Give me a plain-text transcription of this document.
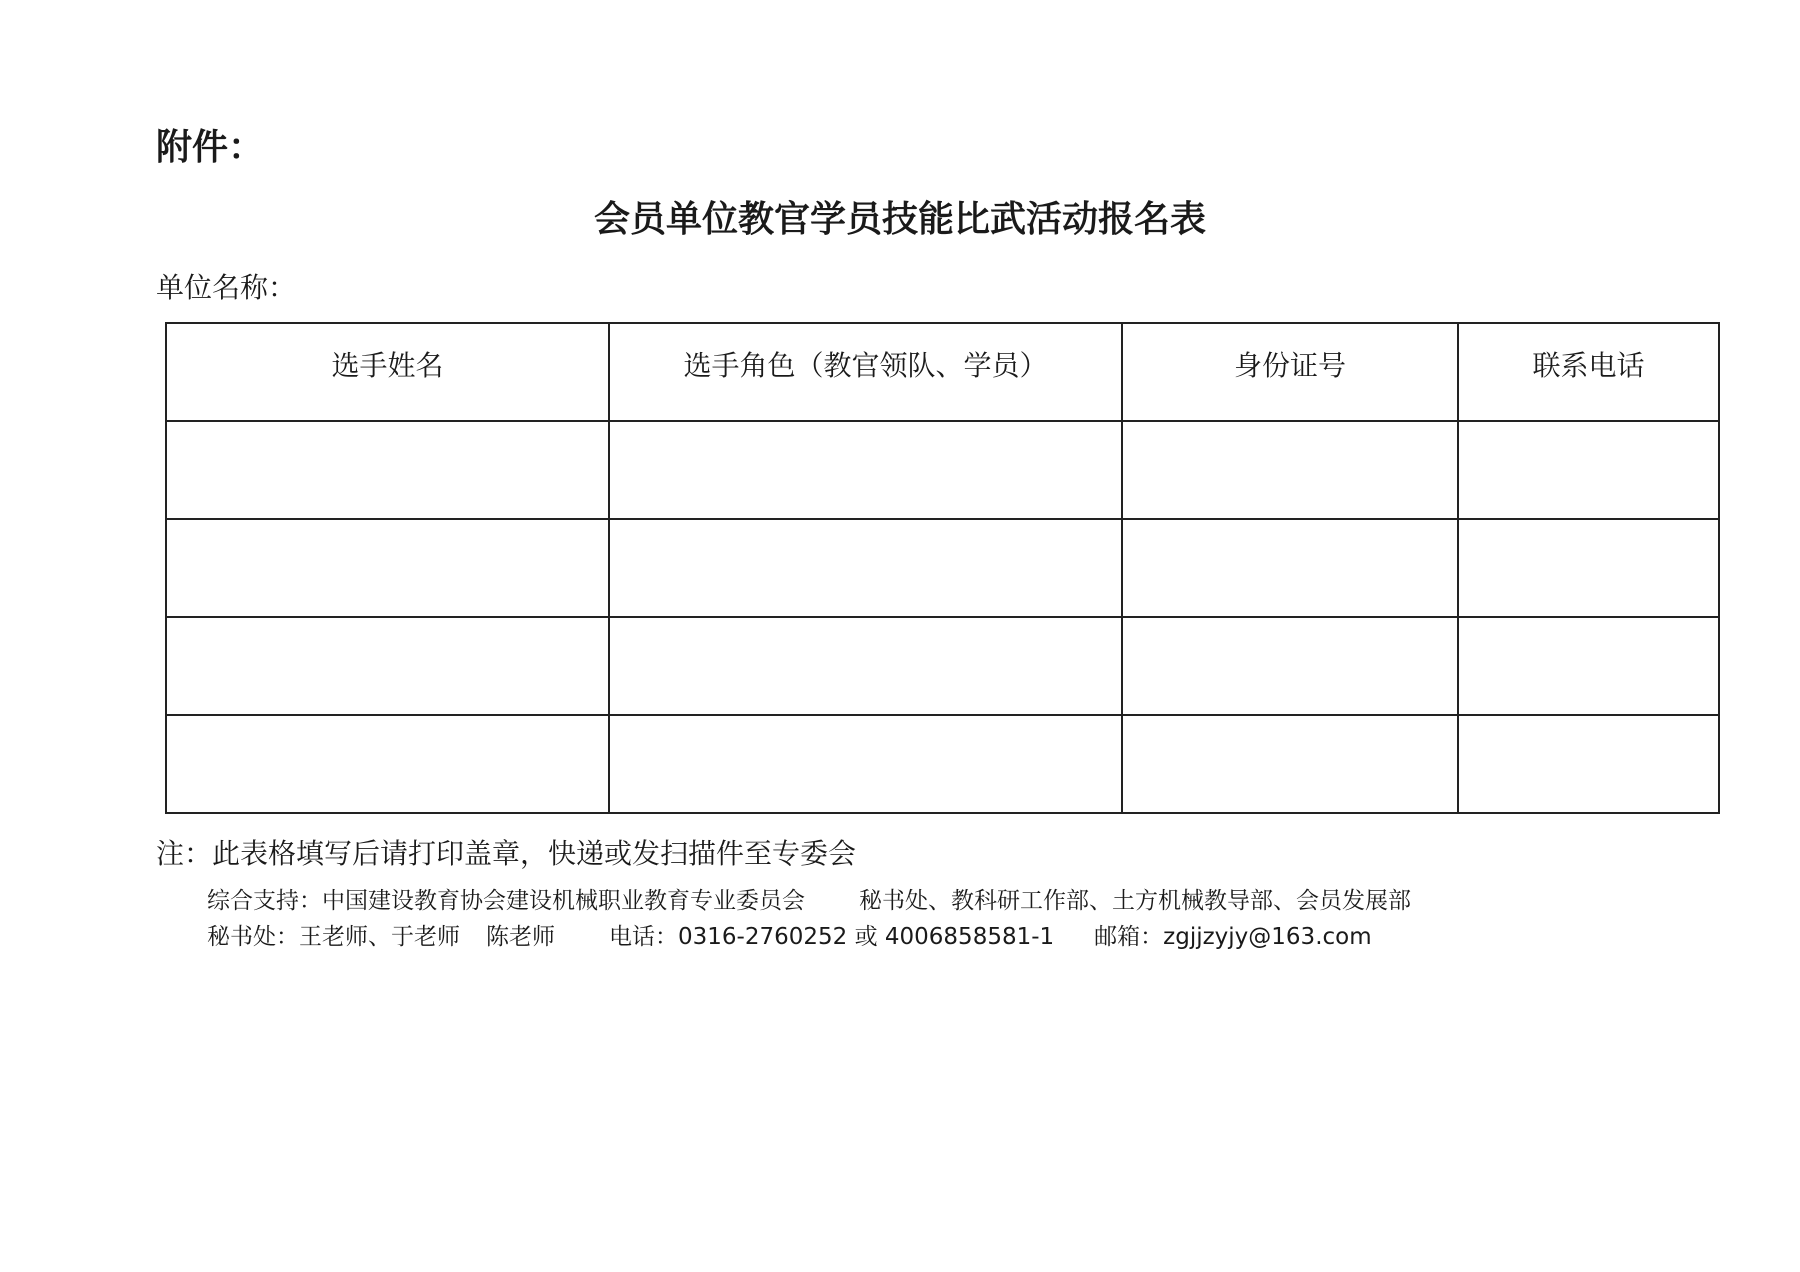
附件：
会员单位教官学员技能比武活动报名表
单位名称：
选手姓名	选手角色（教官领队、学员）	身份证号	联系电话

注：此表格填写后请打印盖章，快递或发扫描件至专委会
综合支持：中国建设教育协会建设机械职业教育专业委员会 秘书处、教科研工作部、土方机械教导部、会员发展部
秘书处：王老师、于老师 陈老师 电话：0316-2760252 或 4006858581-1 邮箱：zgjjzyjy@163.com
